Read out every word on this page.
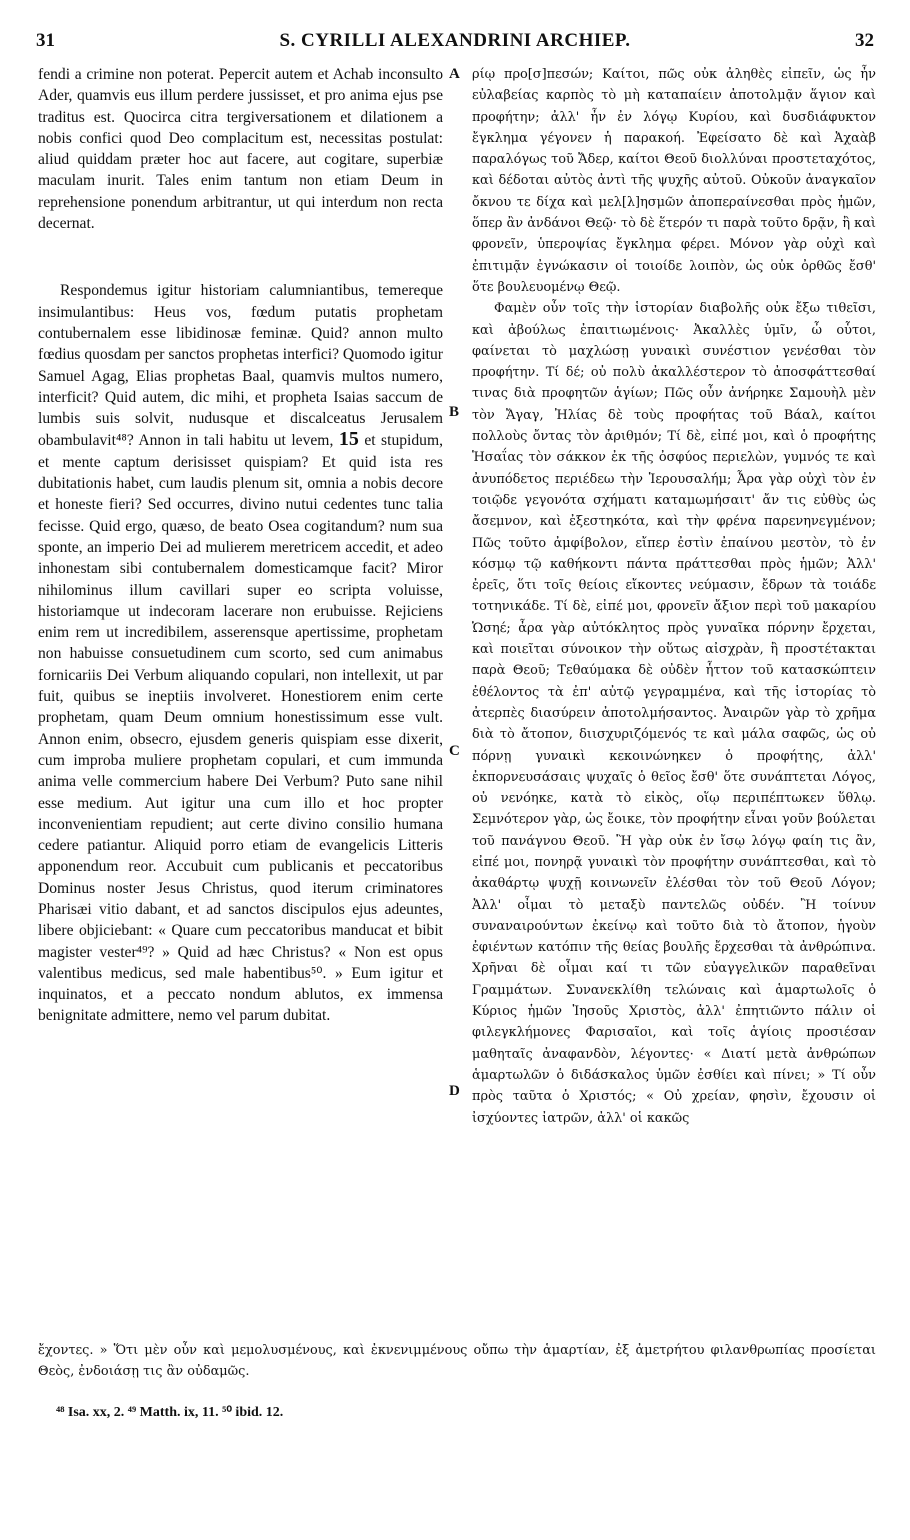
31	S. CYRILLI ALEXANDRINI ARCHIEP.	32

fendi a crimine non poterat. Pepercit autem et Achab inconsulto Ader, quamvis eus illum perdere jussisset, et pro anima ejus pse traditus est. Quocirca citra tergiversationem et dilationem a nobis confici quod Deo complacitum est, necessitas postulat: aliud quiddam præter hoc aut facere, aut cogitare, superbiæ maculam inurit. Tales enim tantum non etiam Deum in reprehensione ponendum arbitrantur, ut qui interdum non recta decernat.

Respondemus igitur historiam calumniantibus, temereque insimulantibus: Heus vos, fœdum putatis prophetam contubernalem esse libidinosæ feminæ. Quid? annon multo fœdius quosdam per sanctos prophetas interfici? Quomodo igitur Samuel Agag, Elias prophetas Baal, quamvis multos numero, interficit? Quid autem, dic mihi, et propheta Isaias saccum de lumbis suis solvit, nudusque et discalceatus Jerusalem obambulavit⁴⁸? Annon in tali habitu ut levem, 15 et stupidum, et mente captum derisisset quispiam? Et quid ista res dubitationis habet, cum laudis plenum sit, omnia a nobis decore et honeste fieri? Sed occurres, divino nutui cedentes tunc talia fecisse. Quid ergo, quæso, de beato Osea cogitandum? num sua sponte, an imperio Dei ad mulierem meretricem accedit, et adeo inhonestam sibi contubernalem domesticamque facit? Miror nihilominus illum cavillari super eo scripta voluisse, historiamque ut indecoram lacerare non erubuisse. Rejiciens enim rem ut incredibilem, asserensque apertissime, prophetam non habuisse consuetudinem cum scorto, sed cum animabus fornicariis Dei Verbum aliquando copulari, non intellexit, ut par fuit, quibus se ineptiis involveret. Honestiorem enim certe prophetam, quam Deum omnium honestissimum esse vult. Annon enim, obsecro, ejusdem generis quispiam esse dixerit, cum improba muliere prophetam copulari, et cum immunda anima velle commercium habere Dei Verbum? Puto sane nihil esse medium. Aut igitur una cum illo et hoc propter inconvenientiam repudient; aut certe divino consilio humana cedere patiantur. Aliquid porro etiam de evangelicis Litteris apponendum reor. Accubuit cum publicanis et peccatoribus Dominus noster Jesus Christus, quod iterum criminatores Pharisæi vitio dabant, et ad sanctos discipulos ejus adeuntes, libere objiciebant: « Quare cum peccatoribus manducat et bibit magister vester⁴⁹? » Quid ad hæc Christus? « Non est opus valentibus medicus, sed male habentibus⁵⁰. » Eum igitur et inquinatos, et a peccato nondum ablutos, ex immensa benignitate admittere, nemo vel parum dubitat.

A
B
C
D

ρίῳ προ[σ]πεσών; Καίτοι, πῶς οὐκ ἀληθὲς εἰπεῖν, ὡς ἦν εὐλαβείας καρπὸς τὸ μὴ καταπαίειν ἀποτολμᾷν ἅγιον καὶ προφήτην; ἀλλ' ἦν ἐν λόγῳ Κυρίου, καὶ δυσδιάφυκτον ἔγκλημα γέγονεν ἡ παρακοή. Ἐφείσατο δὲ καὶ Ἀχαὰβ παραλόγως τοῦ Ἄδερ, καίτοι Θεοῦ διολλύναι προστεταχότος, καὶ δέδοται αὐτὸς ἀντὶ τῆς ψυχῆς αὐτοῦ. Οὐκοῦν ἀναγκαῖον ὄκνου τε δίχα καὶ μελ[λ]ησμῶν ἀποπεραίνεσθαι πρὸς ἡμῶν, ὅπερ ἂν ἀνδάνοι Θεῷ· τὸ δὲ ἕτερόν τι παρὰ τοῦτο δρᾷν, ἢ καὶ φρονεῖν, ὑπεροψίας ἔγκλημα φέρει. Μόνον γὰρ οὐχὶ καὶ ἐπιτιμᾷν ἐγνώκασιν οἱ τοιοίδε λοιπὸν, ὡς οὐκ ὀρθῶς ἔσθ' ὅτε βουλευομένῳ Θεῷ.

Φαμὲν οὖν τοῖς τὴν ἱστορίαν διαβολῆς οὐκ ἔξω τιθεῖσι, καὶ ἀβούλως ἐπαιτιωμένοις· Ἀκαλλὲς ὑμῖν, ὦ οὗτοι, φαίνεται τὸ μαχλώσῃ γυναικὶ συνέστιον γενέσθαι τὸν προφήτην. Τί δέ; οὐ πολὺ ἀκαλλέστερον τὸ ἀποσφάττεσθαί τινας διὰ προφητῶν ἁγίων; Πῶς οὖν ἀνήρηκε Σαμουὴλ μὲν τὸν Ἄγαγ, Ἠλίας δὲ τοὺς προφήτας τοῦ Βάαλ, καίτοι πολλοὺς ὄντας τὸν ἀριθμόν; Τί δὲ, εἰπέ μοι, καὶ ὁ προφήτης Ἡσαΐας τὸν σάκκον ἐκ τῆς ὀσφύος περιελὼν, γυμνός τε καὶ ἀνυπόδετος περιέδεω τὴν Ἱερουσαλήμ; Ἆρα γὰρ οὐχὶ τὸν ἐν τοιῷδε γεγονότα σχήματι καταμωμήσαιτ' ἄν τις εὐθὺς ὡς ἄσεμνον, καὶ ἐξεστηκότα, καὶ τὴν φρένα παρενηνεγμένον; Πῶς τοῦτο ἀμφίβολον, εἴπερ ἐστὶν ἐπαίνου μεστὸν, τὸ ἐν κόσμῳ τῷ καθήκοντι πάντα πράττεσθαι πρὸς ἡμῶν; Ἀλλ' ἐρεῖς, ὅτι τοῖς θείοις εἴκοντες νεύμασιν, ἔδρων τὰ τοιάδε τοτηνικάδε. Τί δὲ, εἰπέ μοι, φρονεῖν ἄξιον περὶ τοῦ μακαρίου Ὡσηέ; ἆρα γὰρ αὐτόκλητος πρὸς γυναῖκα πόρνην ἔρχεται, καὶ ποιεῖται σύνοικον τὴν οὕτως αἰσχρὰν, ἢ προστέτακται παρὰ Θεοῦ; Τεθαύμακα δὲ οὐδὲν ἧττον τοῦ κατασκώπτειν ἐθέλοντος τὰ ἐπ' αὐτῷ γεγραμμένα, καὶ τῆς ἱστορίας τὸ ἀτερπὲς διασύρειν ἀποτολμήσαντος. Ἀναιρῶν γὰρ τὸ χρῆμα διὰ τὸ ἄτοπον, διισχυριζόμενός τε καὶ μάλα σαφῶς, ὡς οὐ πόρνῃ γυναικὶ κεκοινώνηκεν ὁ προφήτης, ἀλλ' ἐκπορνευσάσαις ψυχαῖς ὁ θεῖος ἔσθ' ὅτε συνάπτεται Λόγος, οὐ νενόηκε, κατὰ τὸ εἰκὸς, οἵῳ περιπέπτωκεν ὕθλῳ. Σεμνότερον γὰρ, ὡς ἔοικε, τὸν προφήτην εἶναι γοῦν βούλεται τοῦ πανάγνου Θεοῦ. Ἢ γὰρ οὐκ ἐν ἴσῳ λόγῳ φαίη τις ἂν, εἰπέ μοι, πονηρᾷ γυναικὶ τὸν προφήτην συνάπτεσθαι, καὶ τὸ ἀκαθάρτῳ ψυχῇ κοινωνεῖν ἐλέσθαι τὸν τοῦ Θεοῦ Λόγον; Ἀλλ' οἶμαι τὸ μεταξὺ παντελῶς οὐδέν. Ἢ τοίνυν συναναιρούντων ἐκείνῳ καὶ τοῦτο διὰ τὸ ἄτοπον, ἡγοὺν ἐφιέντων κατόπιν τῆς θείας βουλῆς ἔρχεσθαι τὰ ἀνθρώπινα. Χρῆναι δὲ οἶμαι καί τι τῶν εὐαγγελικῶν παραθεῖναι Γραμμάτων. Συνανεκλίθη τελώναις καὶ ἁμαρτωλοῖς ὁ Κύριος ἡμῶν Ἰησοῦς Χριστὸς, ἀλλ' ἐπητιῶντο πάλιν οἱ φιλεγκλήμονες Φαρισαῖοι, καὶ τοῖς ἁγίοις προσιέσαν μαθηταῖς ἀναφανδὸν, λέγοντες· « Διατί μετὰ ἀνθρώπων ἁμαρτωλῶν ὁ διδάσκαλος ὑμῶν ἐσθίει καὶ πίνει; » Τί οὖν πρὸς ταῦτα ὁ Χριστός; « Οὐ χρείαν, φησὶν, ἔχουσιν οἱ ἰσχύοντες ἰατρῶν, ἀλλ' οἱ κακῶς

ἔχοντες. » Ὅτι μὲν οὖν καὶ μεμολυσμένους, καὶ ἐκνενιμμένους οὔπω τὴν ἁμαρτίαν, ἐξ ἀμετρήτου φιλανθρωπίας προσίεται Θεὸς, ἐνδοιάσῃ τις ἂν οὐδαμῶς.
⁴⁸ Isa. xx, 2. ⁴⁹ Matth. ix, 11. ⁵⁰ ibid. 12.
